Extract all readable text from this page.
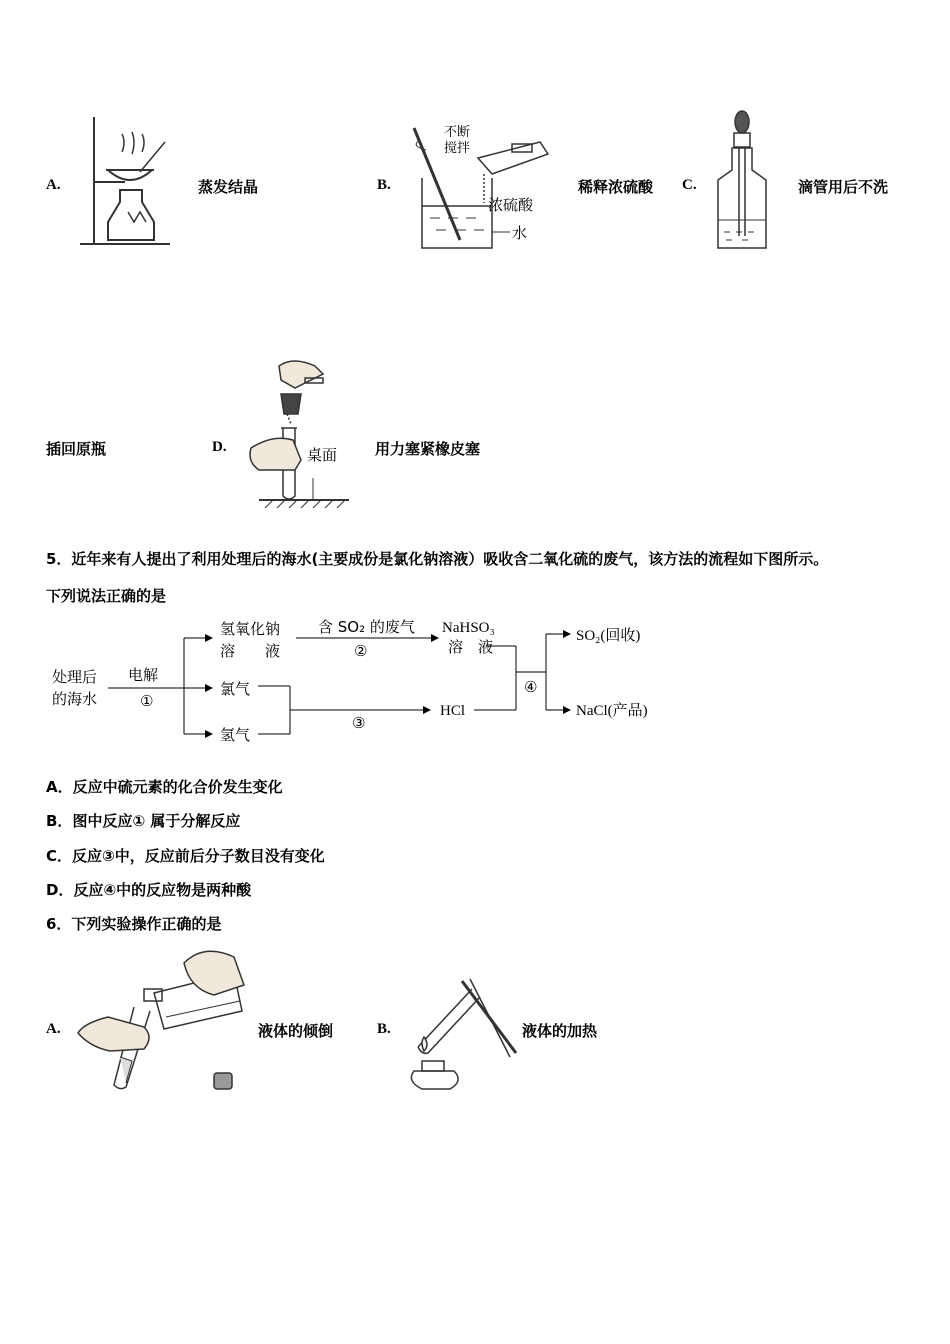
A.	蒸发结晶	B.
不断
搅拌
浓硫酸
水
稀释浓硫酸 C.	滴管用后不洗
插回原瓶	D.	桌面	用力塞紧橡皮塞
5．近年来有人提出了利用处理后的海水(主要成份是氯化钠溶液）吸收含二氧化硫的废气，该方法的流程如下图所示。
下列说法正确的是
处理后
的海水
电解
①
氢氧化钠
溶　　液
含 SO₂ 的废气
②
NaHSO₃
溶　液
氯气
氢气
③
HCl
④
SO₂(回收)
NaCl(产品)
A．反应中硫元素的化合价发生变化
B．图中反应① 属于分解反应
C．反应③中，反应前后分子数目没有变化
D．反应④中的反应物是两种酸
6．下列实验操作正确的是
A.	液体的倾倒	B.	液体的加热
